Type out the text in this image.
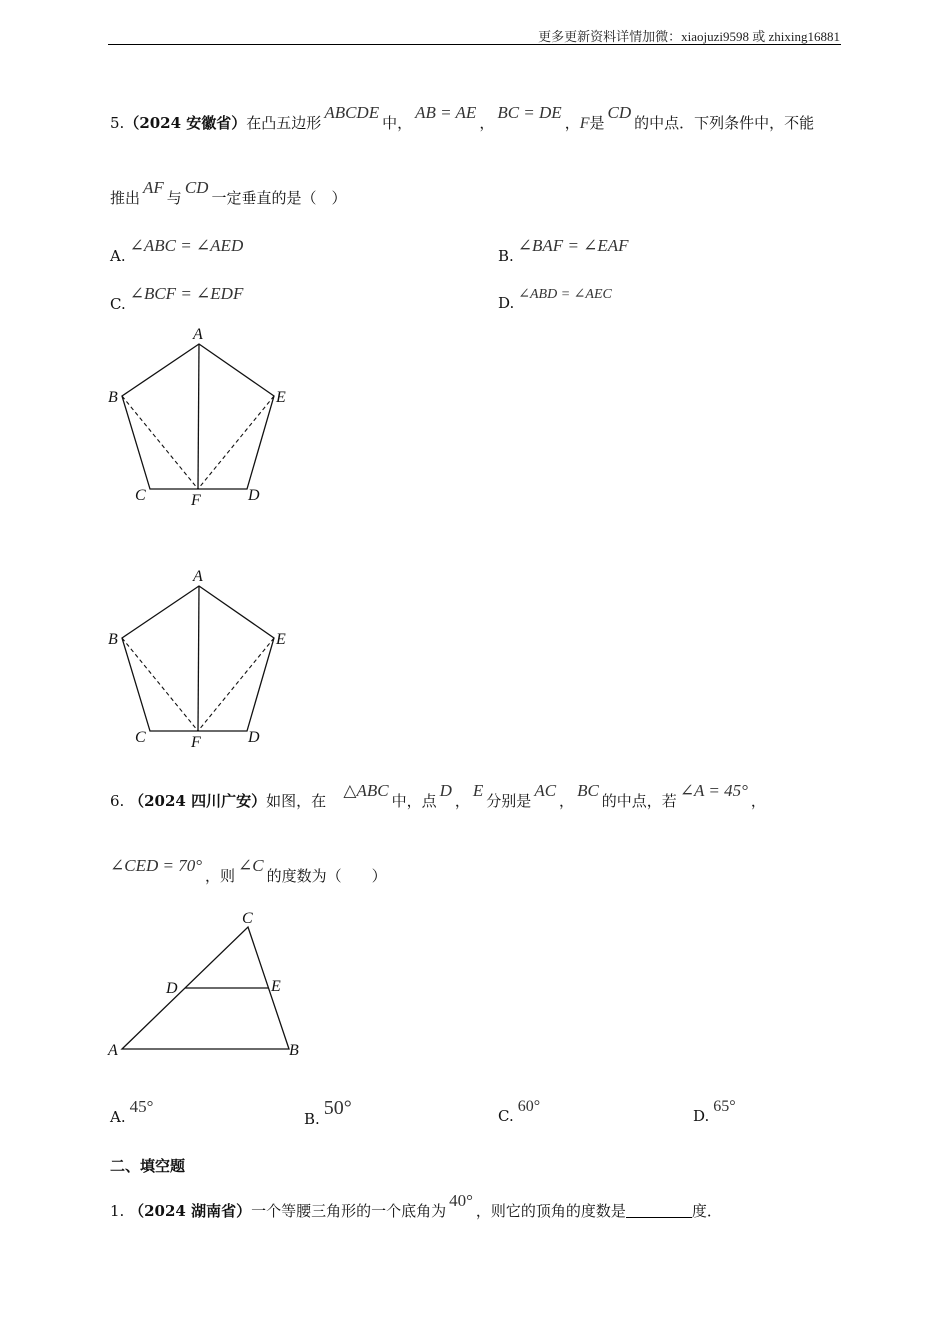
更多更新资料详情加微：xiaojuzi9598 或 zhixing16881
5.（2024 安徽省）在凸五边形ABCDE中，AB = AE，BC = DE，F是CD的中点．下列条件中，不能
推出AF与CD一定垂直的是（　）
A.∠ABC = ∠AED
B.∠BAF = ∠EAF
C.∠BCF = ∠EDF	D. ∠ABD = ∠AEC
A
B	E
C	F	D
A
B	E
C	F	D
6. （2024 四川广安）如图，在   △ABC中，点D，E分别是AC，BC的中点，若∠A = 45°，
∠CED = 70°，则∠C的度数为（　　）
C
D	E
A	B
A.45°
B. 50°	C.60°
D.65°
二、填空题
1. （2024 湖南省）一个等腰三角形的一个底角为40°，则它的顶角的度数是	度．
